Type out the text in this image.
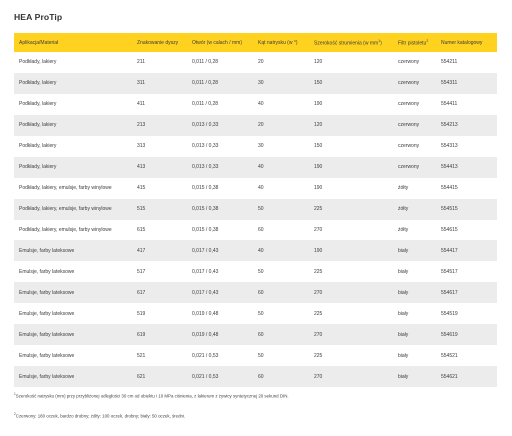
HEA ProTip
Aplikacja/Materiał	Znakowanie dyszy	Otwór (w calach / mm)	Kąt natrysku (w °)	Szerokość strumienia (w $mm^1$)	Filtr pistoletu$^2$	Numer katalogowy
Podkłady, lakiery	211	0,011 / 0,28	20	120	czerwony	554211
Podkłady, lakiery	311	0,011 / 0,28	30	150	czerwony	554311
Podkłady, lakiery	411	0,011 / 0,28	40	190	czerwony	554411
Podkłady, lakiery	213	0,013 / 0,33	20	120	czerwony	554213
Podkłady, lakiery	313	0,013 / 0,33	30	150	czerwony	554313
Podkłady, lakiery	413	0,013 / 0,33	40	190	czerwony	554413
Podkłady, lakiery, emulsje, farby winylowe	415	0,015 / 0,38	40	190	żółty	554415
Podkłady, lakiery, emulsje, farby winylowe	515	0,015 / 0,38	50	225	żółty	554515
Podkłady, lakiery, emulsje, farby winylowe	615	0,015 / 0,38	60	270	żółty	554615
Emulsje, farby lateksowe	417	0,017 / 0,43	40	190	biały	554417
Emulsje, farby lateksowe	517	0,017 / 0,43	50	225	biały	554517
Emulsje, farby lateksowe	617	0,017 / 0,43	60	270	biały	554617
Emulsje, farby lateksowe	519	0,019 / 0,48	50	225	biały	554519
Emulsje, farby lateksowe	619	0,019 / 0,48	60	270	biały	554619
Emulsje, farby lateksowe	521	0,021 / 0,53	50	225	biały	554521
Emulsje, farby lateksowe	621	0,021 / 0,53	60	270	biały	554621
$^1$Szerokość natrysku (mm) przy przybliżonej odległości 30 cm od obiektu i 10 MPa ciśnienia, z lakierem z żywicy syntetycznej 20 sekund DIN.
$^2$Czerwony: 180 oczek, bardzo drobny; żółty: 100 oczek, drobny; biały: 50 oczek, średni.
